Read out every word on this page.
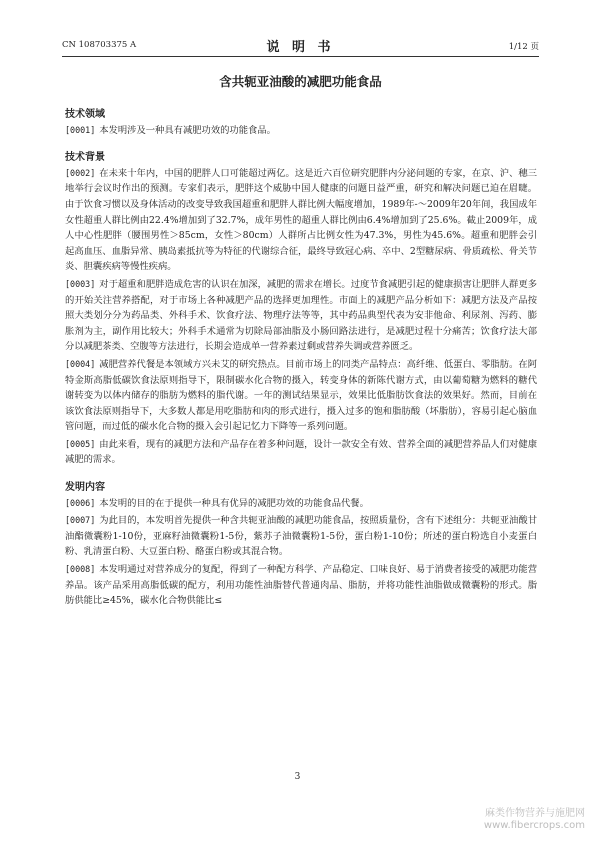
CN 108703375 A	说 明 书	1/12 页
含共轭亚油酸的减肥功能食品
技术领域

[0001] 本发明涉及一种具有减肥功效的功能食品。

技术背景

[0002] 在未来十年内，中国的肥胖人口可能超过两亿。这是近六百位研究肥胖内分泌问题的专家，在京、沪、穗三地举行会议时作出的预测。专家们表示，肥胖这个威胁中国人健康的问题日益严重，研究和解决问题已迫在眉睫。由于饮食习惯以及身体活动的改变导致我国超重和肥胖人群比例大幅度增加，1989年-～2009年20年间，我国成年女性超重人群比例由22.4%增加到了32.7%，成年男性的超重人群比例由6.4%增加到了25.6%。截止2009年，成人中心性肥胖（腰围男性＞85cm，女性＞80cm）人群所占比例女性为47.3%，男性为45.6%。超重和肥胖会引起高血压、血脂异常、胰岛素抵抗等为特征的代谢综合征，最终导致冠心病、卒中、2型糖尿病、骨质疏松、骨关节炎、胆囊疾病等慢性疾病。

[0003] 对于超重和肥胖造成危害的认识在加深，减肥的需求在增长。过度节食减肥引起的健康损害让肥胖人群更多的开始关注营养搭配，对于市场上各种减肥产品的选择更加理性。市面上的减肥产品分析如下：减肥方法及产品按照大类划分分为药品类、外科手术、饮食疗法、物理疗法等等，其中药品典型代表为安非他命、利尿剂、泻药、膨胀剂为主，副作用比较大；外科手术通常为切除局部油脂及小肠回路法进行，是减肥过程十分痛苦；饮食疗法大部分以减肥茶类、空腹等方法进行，长期会造成单一营养素过剩或营养失调或营养匮乏。

[0004] 减肥营养代餐是本领域方兴未艾的研究热点。目前市场上的同类产品特点：高纤维、低蛋白、零脂肪。在阿特金斯高脂低碳饮食法原则指导下，限制碳水化合物的摄入，转变身体的新陈代谢方式，由以葡萄糖为燃料的糖代谢转变为以体内储存的脂肪为燃料的脂代谢。一年的测试结果显示，效果比低脂肪饮食法的效果好。然而，目前在该饮食法原则指导下，大多数人都是用吃脂肪和肉的形式进行，摄入过多的饱和脂肪酸（坏脂肪），容易引起心脑血管问题，而过低的碳水化合物的摄入会引起记忆力下降等一系列问题。

[0005] 由此来看，现有的减肥方法和产品存在着多种问题，设计一款安全有效、营养全面的减肥营养品人们对健康减肥的需求。

发明内容

[0006] 本发明的目的在于提供一种具有优异的减肥功效的功能食品代餐。

[0007] 为此目的，本发明首先提供一种含共轭亚油酸的减肥功能食品，按照质量份，含有下述组分：共轭亚油酸甘油酯微囊粉1-10份，亚麻籽油微囊粉1-5份，紫苏子油微囊粉1-5份，蛋白粉1-10份；所述的蛋白粉选自小麦蛋白粉、乳清蛋白粉、大豆蛋白粉、酪蛋白粉或其混合物。

[0008] 本发明通过对营养成分的复配，得到了一种配方科学、产品稳定、口味良好、易于消费者接受的减肥功能营养品。该产品采用高脂低碳的配方，利用功能性油脂替代普通肉品、脂肪，并将功能性油脂做成微囊粉的形式。脂肪供能比≥45%，碳水化合物供能比≤

3
麻类作物营养与施肥网
www.fibercrops.com
